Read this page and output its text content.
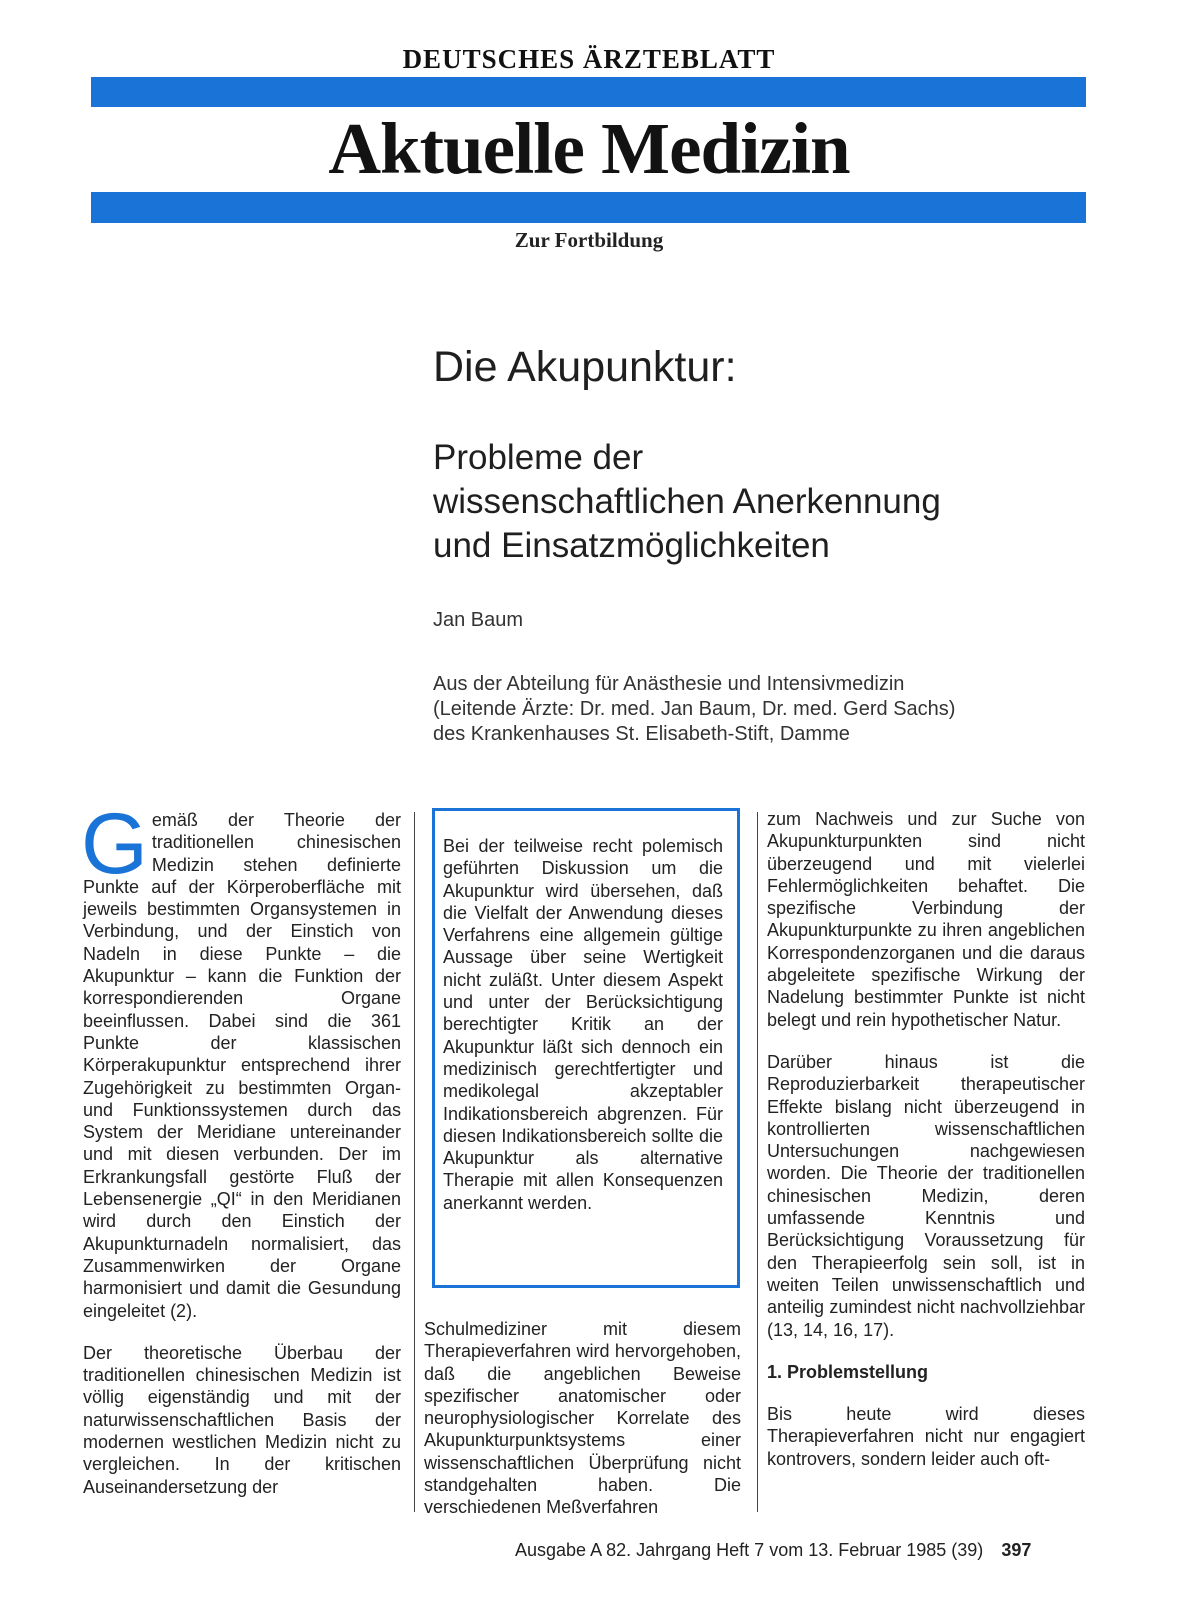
DEUTSCHES ÄRZTEBLATT
Aktuelle Medizin
Zur Fortbildung
Die Akupunktur:
Probleme der
wissenschaftlichen Anerkennung
und Einsatzmöglichkeiten
Jan Baum
Aus der Abteilung für Anästhesie und Intensivmedizin
(Leitende Ärzte: Dr. med. Jan Baum, Dr. med. Gerd Sachs)
des Krankenhauses St. Elisabeth-Stift, Damme

Gemäß der Theorie der traditionellen chinesischen Medizin stehen definierte Punkte auf der Körperoberfläche mit jeweils bestimmten Organsystemen in Verbindung, und der Einstich von Nadeln in diese Punkte – die Akupunktur – kann die Funktion der korrespondierenden Organe beeinflussen. Dabei sind die 361 Punkte der klassischen Körperakupunktur entsprechend ihrer Zugehörigkeit zu bestimmten Organ- und Funktionssystemen durch das System der Meridiane untereinander und mit diesen verbunden. Der im Erkrankungsfall gestörte Fluß der Lebensenergie „QI“ in den Meridianen wird durch den Einstich der Akupunkturnadeln normalisiert, das Zusammenwirken der Organe harmonisiert und damit die Gesundung eingeleitet (2).

Der theoretische Überbau der traditionellen chinesischen Medizin ist völlig eigenständig und mit der naturwissenschaftlichen Basis der modernen westlichen Medizin nicht zu vergleichen. In der kritischen Auseinandersetzung der

Bei der teilweise recht polemisch geführten Diskussion um die Akupunktur wird übersehen, daß die Vielfalt der Anwendung dieses Verfahrens eine allgemein gültige Aussage über seine Wertigkeit nicht zuläßt. Unter diesem Aspekt und unter der Berücksichtigung berechtigter Kritik an der Akupunktur läßt sich dennoch ein medizinisch gerechtfertigter und medikolegal akzeptabler Indikationsbereich abgrenzen. Für diesen Indikationsbereich sollte die Akupunktur als alternative Therapie mit allen Konsequenzen anerkannt werden.

Schulmediziner mit diesem Therapieverfahren wird hervorgehoben, daß die angeblichen Beweise spezifischer anatomischer oder neurophysiologischer Korrelate des Akupunkturpunktsystems einer wissenschaftlichen Überprüfung nicht standgehalten haben. Die verschiedenen Meßverfahren

zum Nachweis und zur Suche von Akupunkturpunkten sind nicht überzeugend und mit vielerlei Fehlermöglichkeiten behaftet. Die spezifische Verbindung der Akupunkturpunkte zu ihren angeblichen Korrespondenzorganen und die daraus abgeleitete spezifische Wirkung der Nadelung bestimmter Punkte ist nicht belegt und rein hypothetischer Natur.

Darüber hinaus ist die Reproduzierbarkeit therapeutischer Effekte bislang nicht überzeugend in kontrollierten wissenschaftlichen Untersuchungen nachgewiesen worden. Die Theorie der traditionellen chinesischen Medizin, deren umfassende Kenntnis und Berücksichtigung Voraussetzung für den Therapieerfolg sein soll, ist in weiten Teilen unwissenschaftlich und anteilig zumindest nicht nachvollziehbar (13, 14, 16, 17).

1. Problemstellung

Bis heute wird dieses Therapieverfahren nicht nur engagiert kontrovers, sondern leider auch oft-

Ausgabe A 82. Jahrgang Heft 7 vom 13. Februar 1985 (39) 397
